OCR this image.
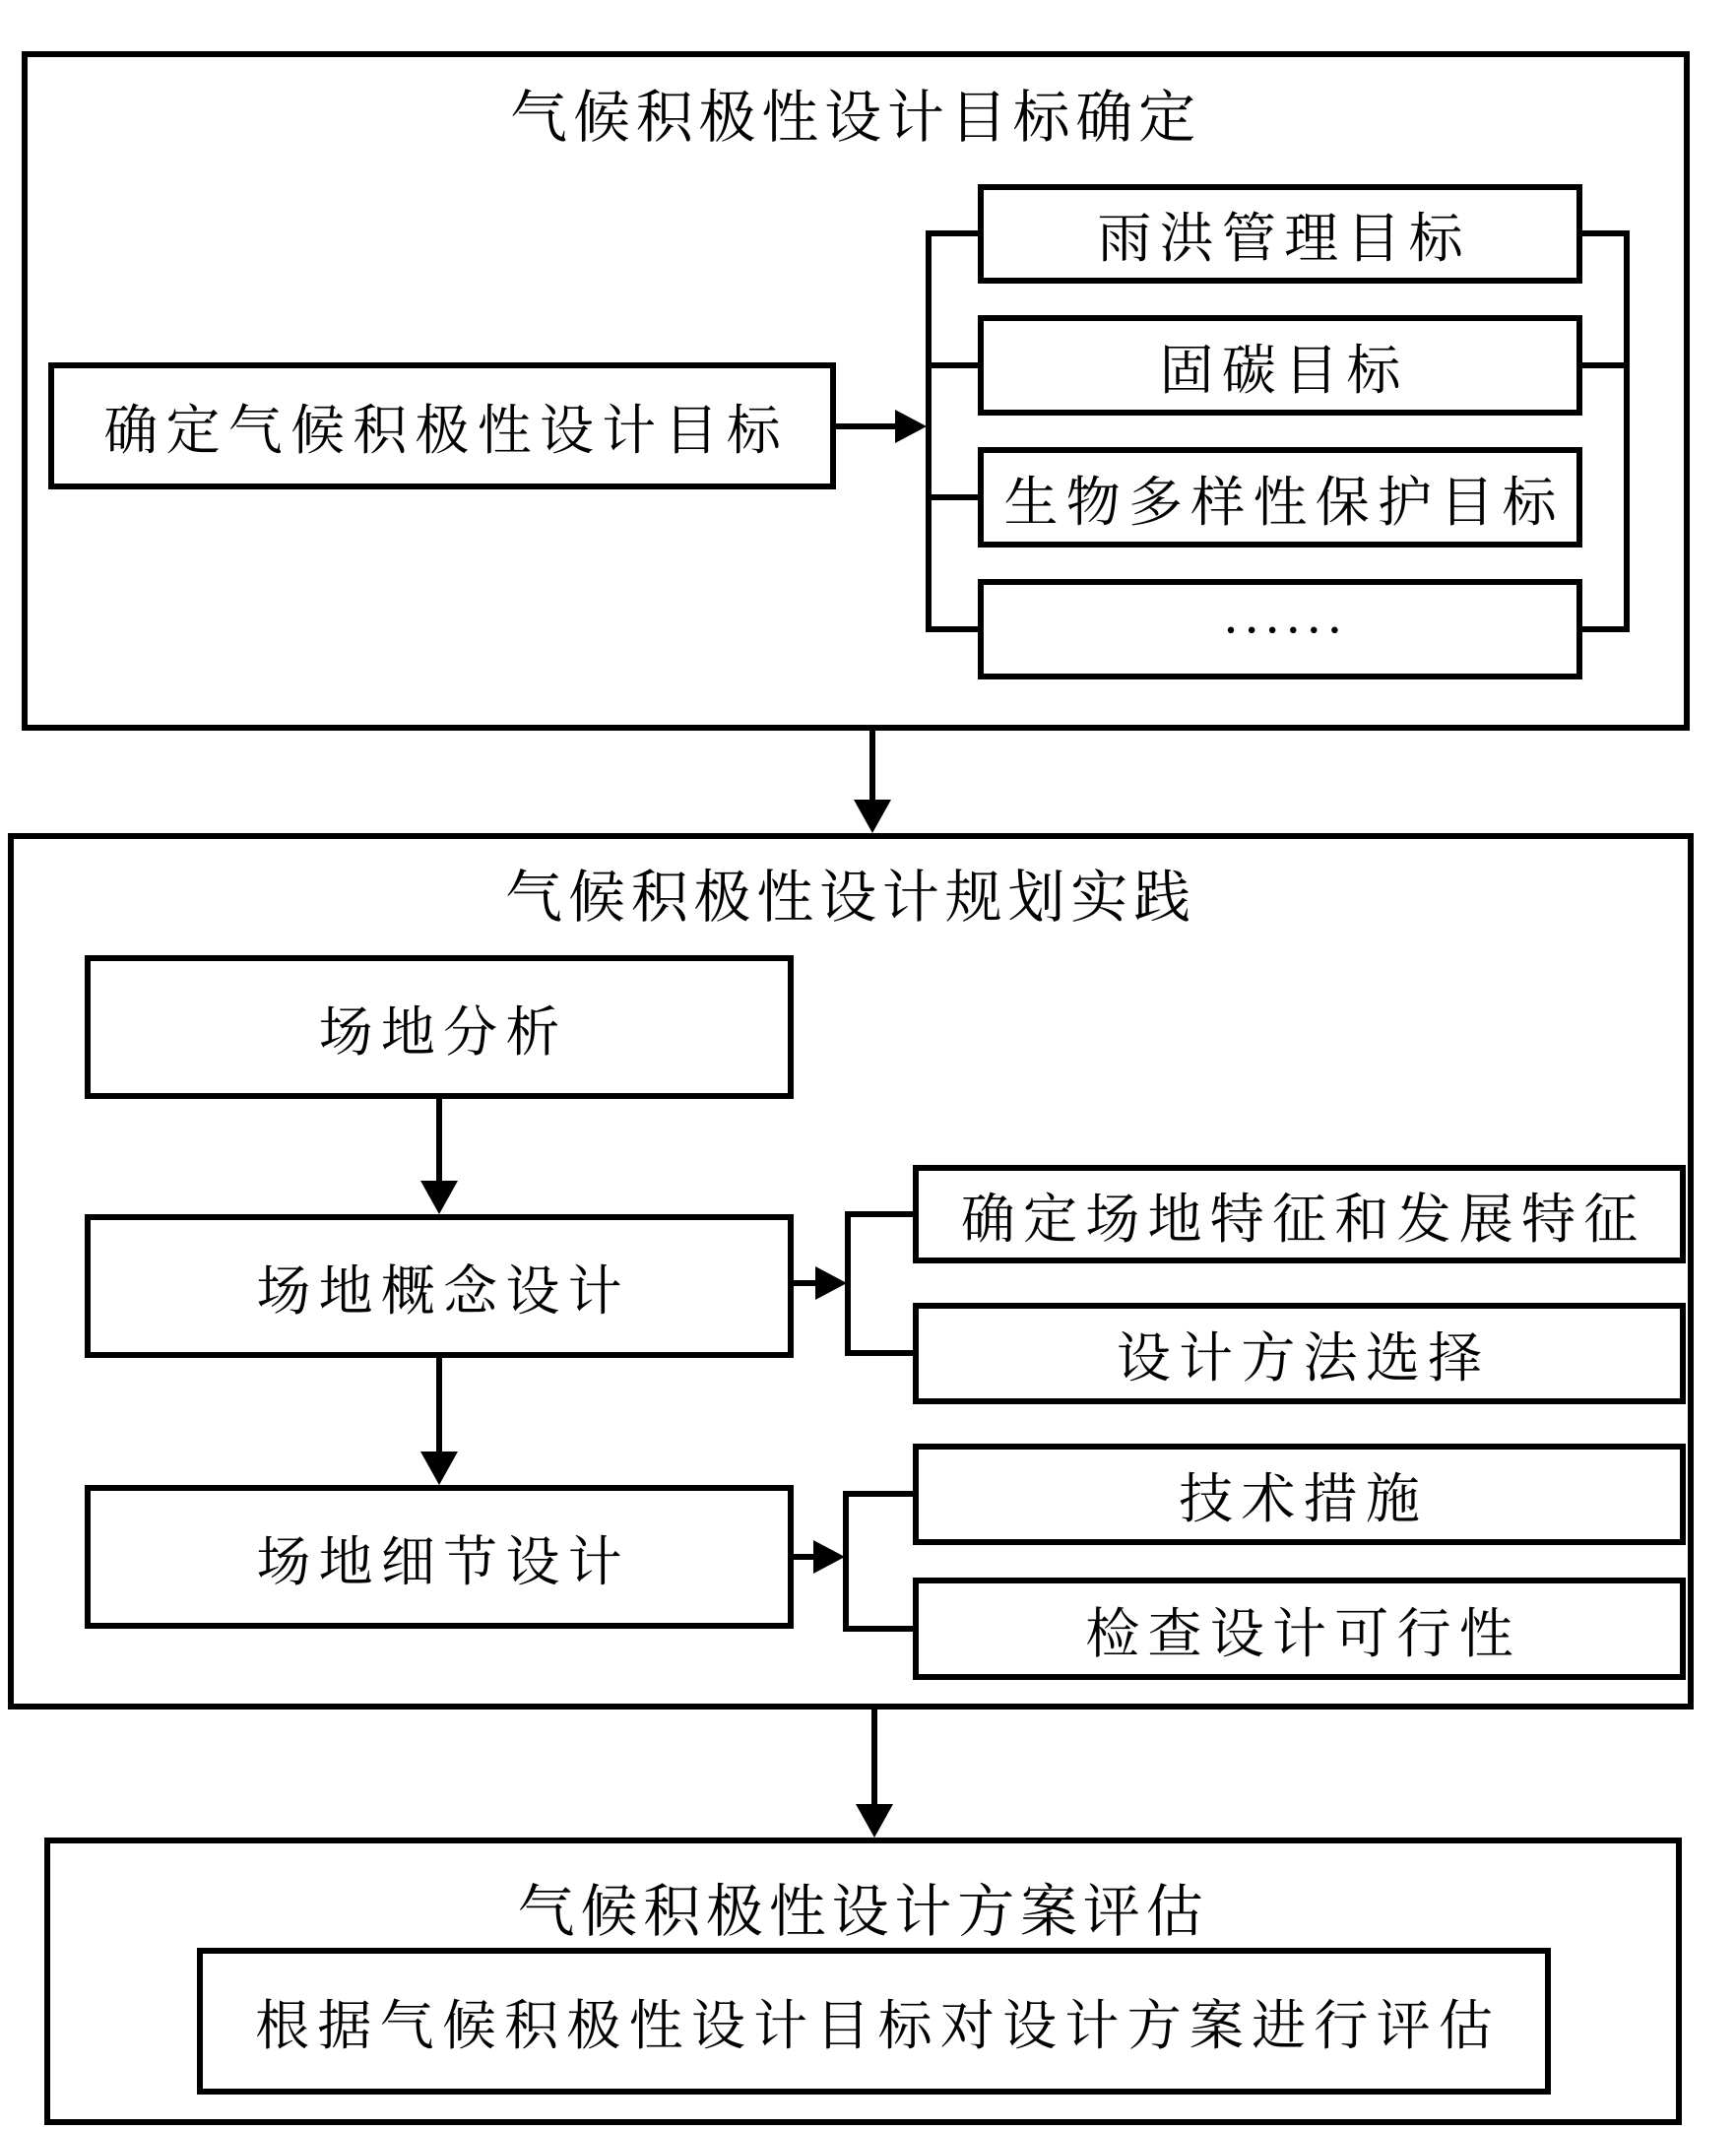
气候积极性设计目标确定
确定气候积极性设计目标
雨洪管理目标
固碳目标
生物多样性保护目标
······
气候积极性设计规划实践
场地分析
场地概念设计
场地细节设计
确定场地特征和发展特征
设计方法选择
技术措施
检查设计可行性
气候积极性设计方案评估
根据气候积极性设计目标对设计方案进行评估
